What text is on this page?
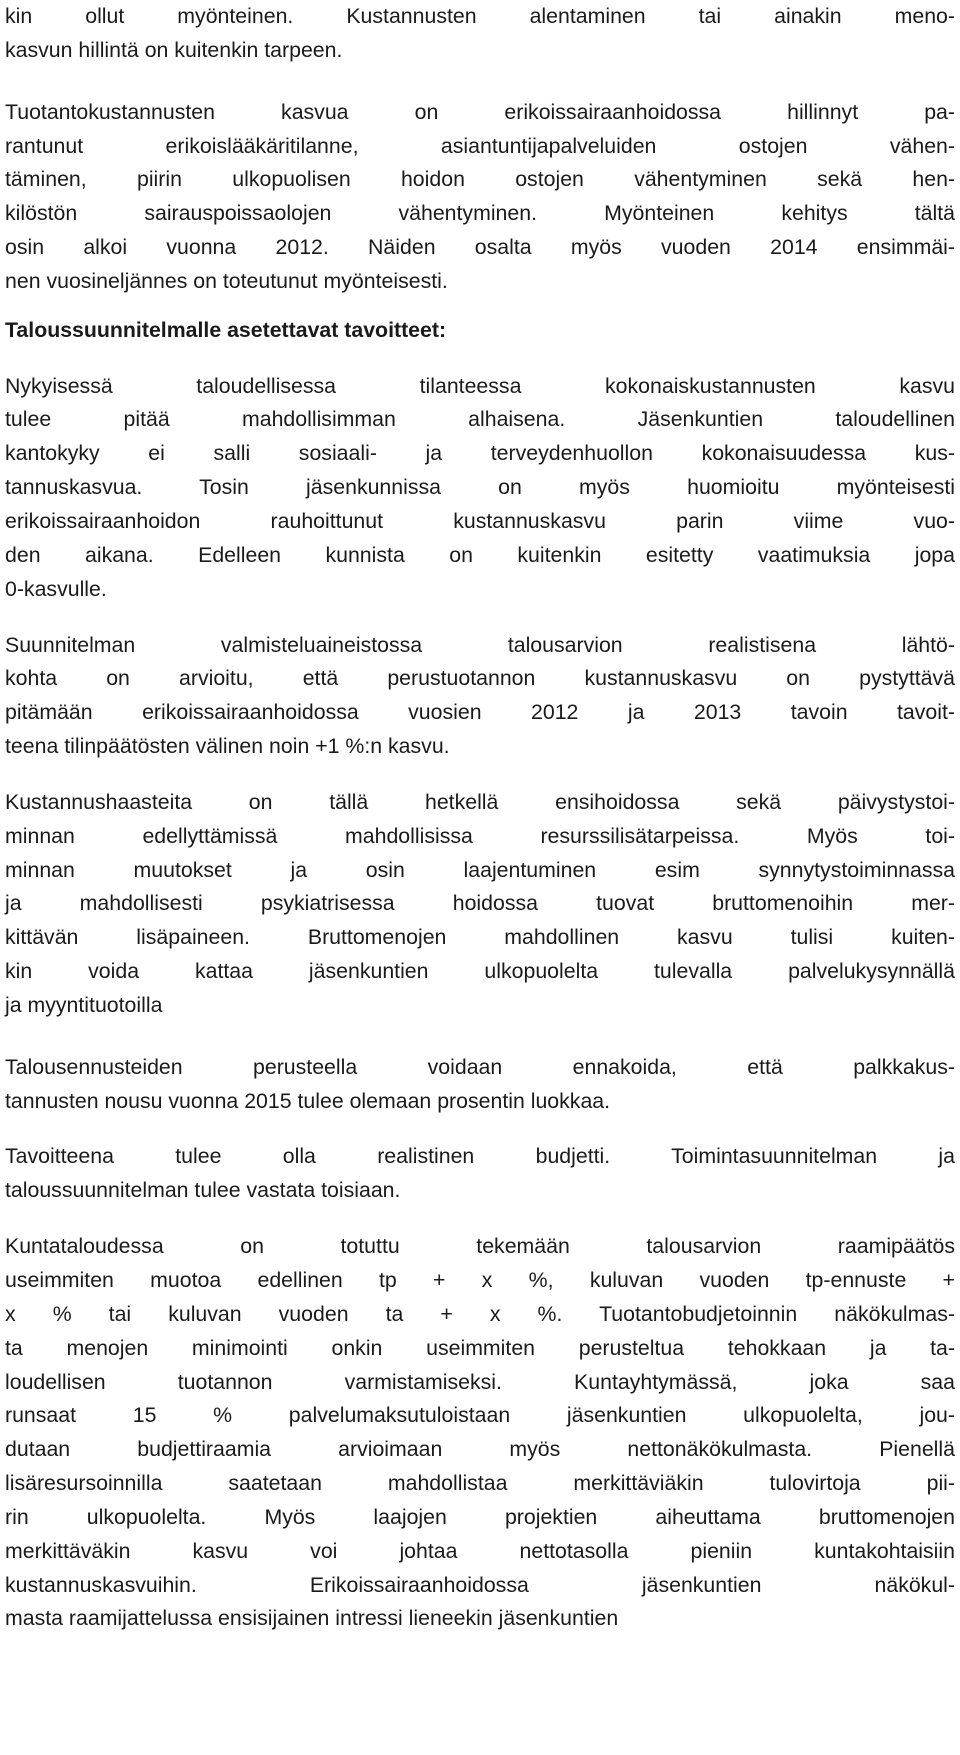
kin ollut myönteinen. Kustannusten alentaminen tai ainakin meno-
kasvun hillintä on kuitenkin tarpeen.
Tuotantokustannusten kasvua on erikoissairaanhoidossa hillinnyt pa-
rantunut erikoislääkäritilanne, asiantuntijapalveluiden ostojen vähen-
täminen, piirin ulkopuolisen hoidon ostojen vähentyminen sekä hen-
kilöstön sairauspoissaolojen vähentyminen. Myönteinen kehitys tältä
osin alkoi vuonna 2012. Näiden osalta myös vuoden 2014 ensimmäi-
nen vuosineljännes on toteutunut myönteisesti.
Taloussuunnitelmalle asetettavat tavoitteet:
Nykyisessä taloudellisessa tilanteessa kokonaiskustannusten kasvu
tulee pitää mahdollisimman alhaisena. Jäsenkuntien taloudellinen
kantokyky ei salli sosiaali- ja terveydenhuollon kokonaisuudessa kus-
tannuskasvua. Tosin jäsenkunnissa on myös huomioitu myönteisesti
erikoissairaanhoidon rauhoittunut kustannuskasvu parin viime vuo-
den aikana. Edelleen kunnista on kuitenkin esitetty vaatimuksia jopa
0-kasvulle.
Suunnitelman valmisteluaineistossa talousarvion realistisena lähtö-
kohta on arvioitu, että perustuotannon kustannuskasvu on pystyttävä
pitämään erikoissairaanhoidossa vuosien 2012 ja 2013 tavoin tavoit-
teena tilinpäätösten välinen noin +1 %:n kasvu.
Kustannushaasteita on tällä hetkellä ensihoidossa sekä päivystystoi-
minnan edellyttämissä mahdollisissa resurssilisätarpeissa. Myös toi-
minnan muutokset ja osin laajentuminen esim synnytystoiminnassa
ja mahdollisesti psykiatrisessa hoidossa tuovat bruttomenoihin mer-
kittävän lisäpaineen. Bruttomenojen mahdollinen kasvu tulisi kuiten-
kin voida kattaa jäsenkuntien ulkopuolelta tulevalla palvelukysynnällä
ja myyntituotoilla
Talousennusteiden perusteella voidaan ennakoida, että palkkakus-
tannusten nousu vuonna 2015 tulee olemaan prosentin luokkaa.
Tavoitteena tulee olla realistinen budjetti. Toimintasuunnitelman ja
taloussuunnitelman tulee vastata toisiaan.
Kuntataloudessa on totuttu tekemään talousarvion raamipäätös
useimmiten muotoa edellinen tp + x %, kuluvan vuoden tp-ennuste +
x % tai kuluvan vuoden ta + x %. Tuotantobudjetoinnin näkökulmas-
ta menojen minimointi onkin useimmiten perusteltua tehokkaan ja ta-
loudellisen tuotannon varmistamiseksi. Kuntayhtymässä, joka saa
runsaat 15 % palvelumaksutuloistaan jäsenkuntien ulkopuolelta, jou-
dutaan budjettiraamia arvioimaan myös nettonäkökulmasta. Pienellä
lisäresursoinnilla saatetaan mahdollistaa merkittäviäkin tulovirtoja pii-
rin ulkopuolelta. Myös laajojen projektien aiheuttama bruttomenojen
merkittäväkin kasvu voi johtaa nettotasolla pieniin kuntakohtaisiin
kustannuskasvuihin. Erikoissairaanhoidossa jäsenkuntien näkökul-
masta raamijattelussa ensisijainen intressi lieneekin jäsenkuntien
